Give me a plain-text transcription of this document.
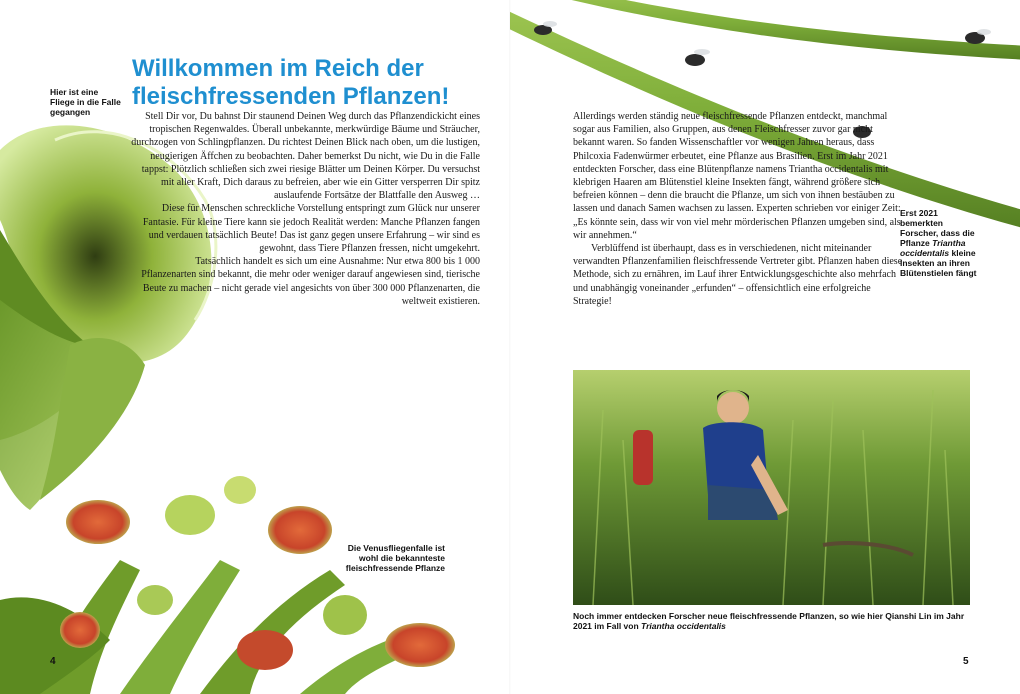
Willkommen im Reich der
fleischfressenden Pflanzen!
Hier ist eine Fliege in die Falle gegangen	Stell Dir vor, Du bahnst Dir staunend Deinen Weg durch das Pflanzendickicht eines tropischen Regenwaldes. Überall unbekannte, merkwürdige Bäume und Sträucher, durchzogen von Schlingpflanzen. Du richtest Deinen Blick nach oben, um die lustigen, neugierigen Äffchen zu beobachten. Daher bemerkst Du nicht, wie Du in die Falle tappst: Plötzlich schließen sich zwei riesige Blätter um Deinen Körper. Du versuchst mit aller Kraft, Dich daraus zu befreien, aber wie ein Gitter versperren Dir spitz auslaufende Fortsätze der Blattfalle den Ausweg …

Diese für Menschen schreckliche Vorstellung entspringt zum Glück nur unserer Fantasie. Für kleine Tiere kann sie jedoch Realität werden: Manche Pflanzen fangen und verdauen tatsächlich Beute! Das ist ganz gegen unsere Erfahrung – wir sind es gewohnt, dass Tiere Pflanzen fressen, nicht umgekehrt.

Tatsächlich handelt es sich um eine Ausnahme: Nur etwa 800 bis 1 000 Pflanzenarten sind bekannt, die mehr oder weniger darauf angewiesen sind, tierische Beute zu machen – nicht gerade viel angesichts von über 300 000 Pflanzenarten, die weltweit existieren.

Die Venusfliegenfalle ist wohl die bekannteste fleischfressende Pflanze
4
Erst 2021 bemerkten Forscher, dass die Pflanze Triantha occidentalis kleine Insekten an ihren Blütenstielen fängt

Allerdings werden ständig neue fleischfressende Pflanzen entdeckt, manchmal sogar aus Familien, also Gruppen, aus denen Fleischfresser zuvor gar nicht bekannt waren. So fanden Wissenschaftler vor wenigen Jahren heraus, dass Philcoxia Fadenwürmer erbeutet, eine Pflanze aus Brasilien. Erst im Jahr 2021 entdeckten Forscher, dass eine Blütenpflanze namens Triantha occidentalis mit klebrigen Haaren am Blütenstiel kleine Insekten fängt, während größere sich befreien können – denn die braucht die Pflanze, um sich von ihnen bestäuben zu lassen und danach Samen wachsen zu lassen. Experten schrieben vor einiger Zeit: „Es könnte sein, dass wir von viel mehr mörderischen Pflanzen umgeben sind, als wir annehmen.“

Verblüffend ist überhaupt, dass es in verschiedenen, nicht miteinander verwandten Pflanzenfamilien fleischfressende Vertreter gibt. Pflanzen haben diese Methode, sich zu ernähren, im Lauf ihrer Entwicklungsgeschichte also mehrfach und unabhängig voneinander „erfunden“ – offensichtlich eine erfolgreiche Strategie!

Noch immer entdecken Forscher neue fleischfressende Pflanzen, so wie hier Qianshi Lin im Jahr 2021 im Fall von Triantha occidentalis
5
